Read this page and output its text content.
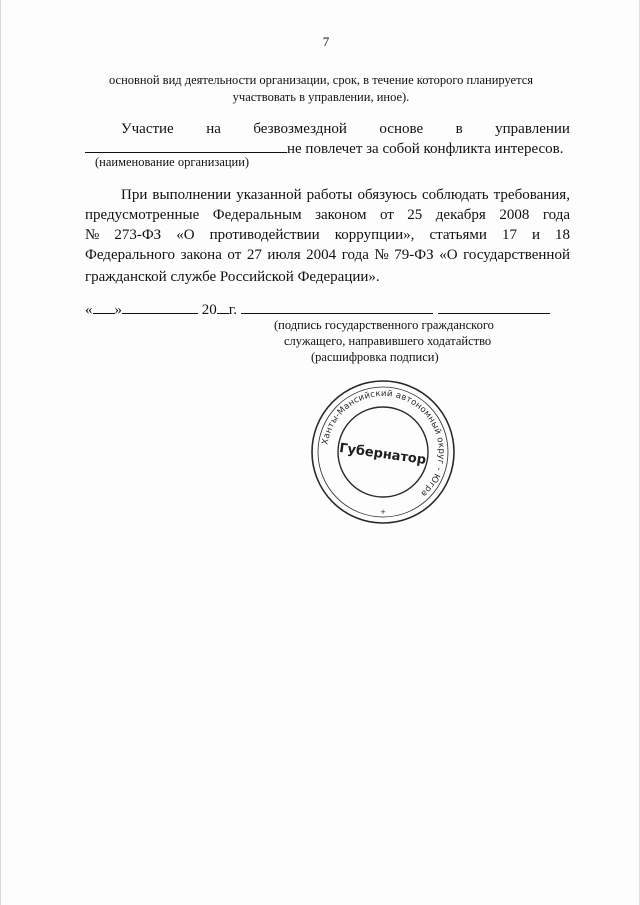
7
основной вид деятельности организации, срок, в течение которого планируется
участвовать в управлении, иное).
Участие на безвозмездной основе в управлении
не повлечет за собой конфликта интересов.
(наименование организации)
При выполнении указанной работы обязуюсь соблюдать требования,
предусмотренные Федеральным законом от 25 декабря 2008 года
№ 273-ФЗ «О противодействии коррупции», статьями 17 и 18
Федерального закона от 27 июля 2004 года № 79-ФЗ «О государственной
гражданской службе Российской Федерации».
« »	20 г.
(подпись государственного гражданского
служащего, направившего ходатайство
(расшифровка подписи)
Ханты-Мансийский автономный округ - Югра
Губернатор
+
